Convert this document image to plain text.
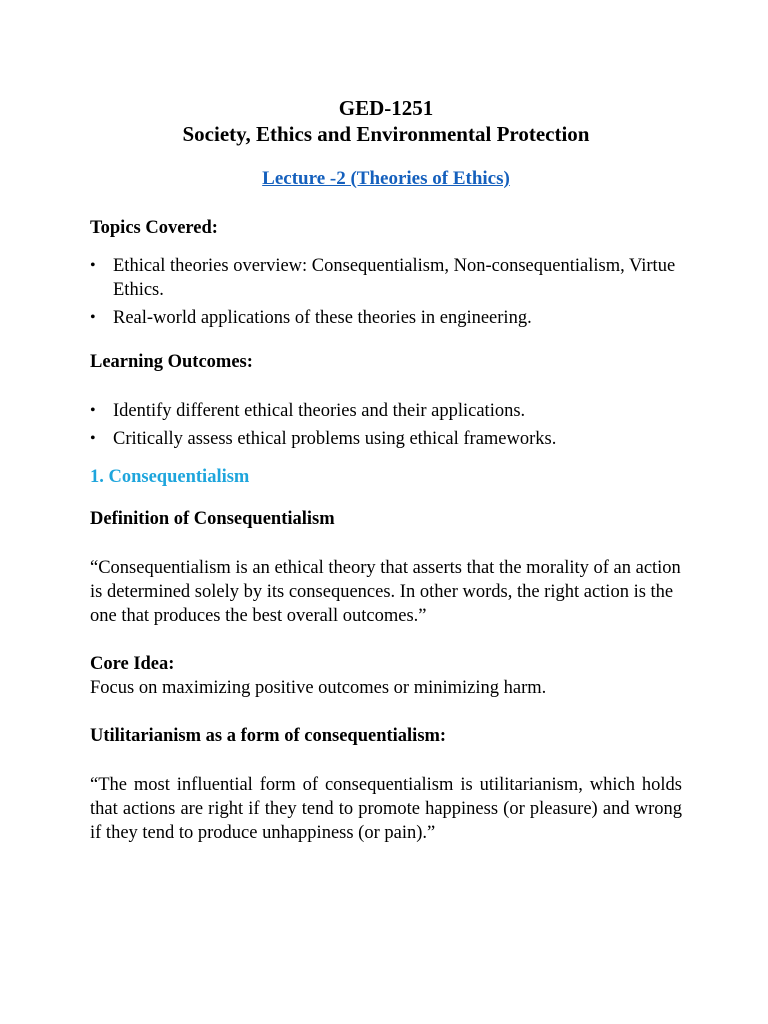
GED-1251

Society, Ethics and Environmental Protection

Lecture -2 (Theories of Ethics)

Topics Covered:

• Ethical theories overview: Consequentialism, Non-consequentialism, Virtue Ethics.
• Real-world applications of these theories in engineering.

Learning Outcomes:

• Identify different ethical theories and their applications.
• Critically assess ethical problems using ethical frameworks.

1. Consequentialism

Definition of Consequentialism

“Consequentialism is an ethical theory that asserts that the morality of an action is determined solely by its consequences. In other words, the right action is the one that produces the best overall outcomes.”

Core Idea:

Focus on maximizing positive outcomes or minimizing harm.

Utilitarianism as a form of consequentialism:

“The most influential form of consequentialism is utilitarianism, which holds that actions are right if they tend to promote happiness (or pleasure) and wrong if they tend to produce unhappiness (or pain).”
